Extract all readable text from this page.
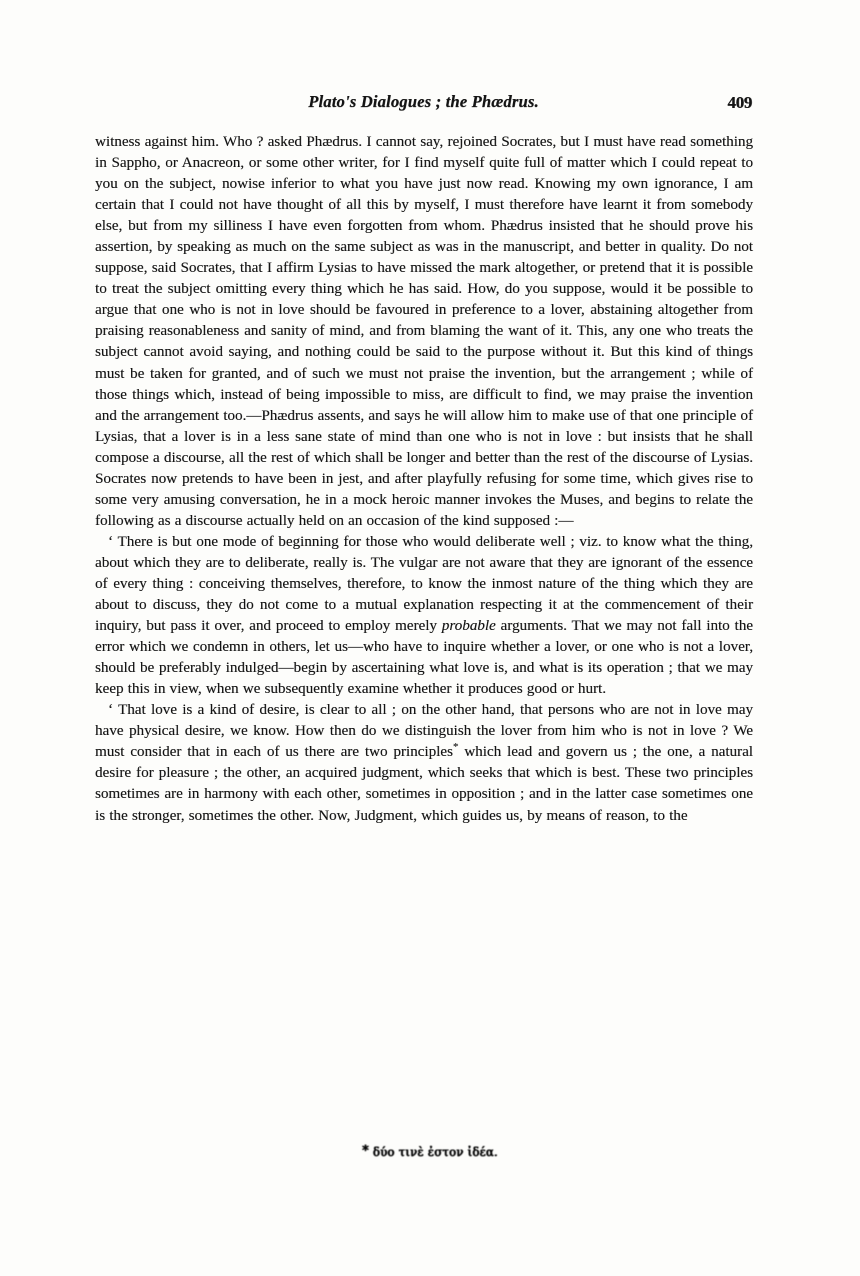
Plato's Dialogues ; the Phædrus.	409

witness against him. Who ? asked Phædrus. I cannot say, rejoined Socrates, but I must have read something in Sappho, or Anacreon, or some other writer, for I find myself quite full of matter which I could repeat to you on the subject, nowise inferior to what you have just now read. Knowing my own ignorance, I am certain that I could not have thought of all this by myself, I must therefore have learnt it from somebody else, but from my silliness I have even forgotten from whom. Phædrus insisted that he should prove his assertion, by speaking as much on the same subject as was in the manuscript, and better in quality. Do not suppose, said Socrates, that I affirm Lysias to have missed the mark altogether, or pretend that it is possible to treat the subject omitting every thing which he has said. How, do you suppose, would it be possible to argue that one who is not in love should be favoured in preference to a lover, abstaining altogether from praising reasonableness and sanity of mind, and from blaming the want of it. This, any one who treats the subject cannot avoid saying, and nothing could be said to the purpose without it. But this kind of things must be taken for granted, and of such we must not praise the invention, but the arrangement ; while of those things which, instead of being impossible to miss, are difficult to find, we may praise the invention and the arrangement too.—Phædrus assents, and says he will allow him to make use of that one principle of Lysias, that a lover is in a less sane state of mind than one who is not in love : but insists that he shall compose a discourse, all the rest of which shall be longer and better than the rest of the discourse of Lysias. Socrates now pretends to have been in jest, and after playfully refusing for some time, which gives rise to some very amusing conversation, he in a mock heroic manner invokes the Muses, and begins to relate the following as a discourse actually held on an occasion of the kind supposed :—

‘ There is but one mode of beginning for those who would deliberate well ; viz. to know what the thing, about which they are to deliberate, really is. The vulgar are not aware that they are ignorant of the essence of every thing : conceiving themselves, therefore, to know the inmost nature of the thing which they are about to discuss, they do not come to a mutual explanation respecting it at the commencement of their inquiry, but pass it over, and proceed to employ merely probable arguments. That we may not fall into the error which we condemn in others, let us—who have to inquire whether a lover, or one who is not a lover, should be preferably indulged—begin by ascertaining what love is, and what is its operation ; that we may keep this in view, when we subsequently examine whether it produces good or hurt.

‘ That love is a kind of desire, is clear to all ; on the other hand, that persons who are not in love may have physical desire, we know. How then do we distinguish the lover from him who is not in love ? We must consider that in each of us there are two principles* which lead and govern us ; the one, a natural desire for pleasure ; the other, an acquired judgment, which seeks that which is best. These two principles sometimes are in harmony with each other, sometimes in opposition ; and in the latter case sometimes one is the stronger, sometimes the other. Now, Judgment, which guides us, by means of reason, to the

* δύο τινὲ ἐστον ἰδέα.
